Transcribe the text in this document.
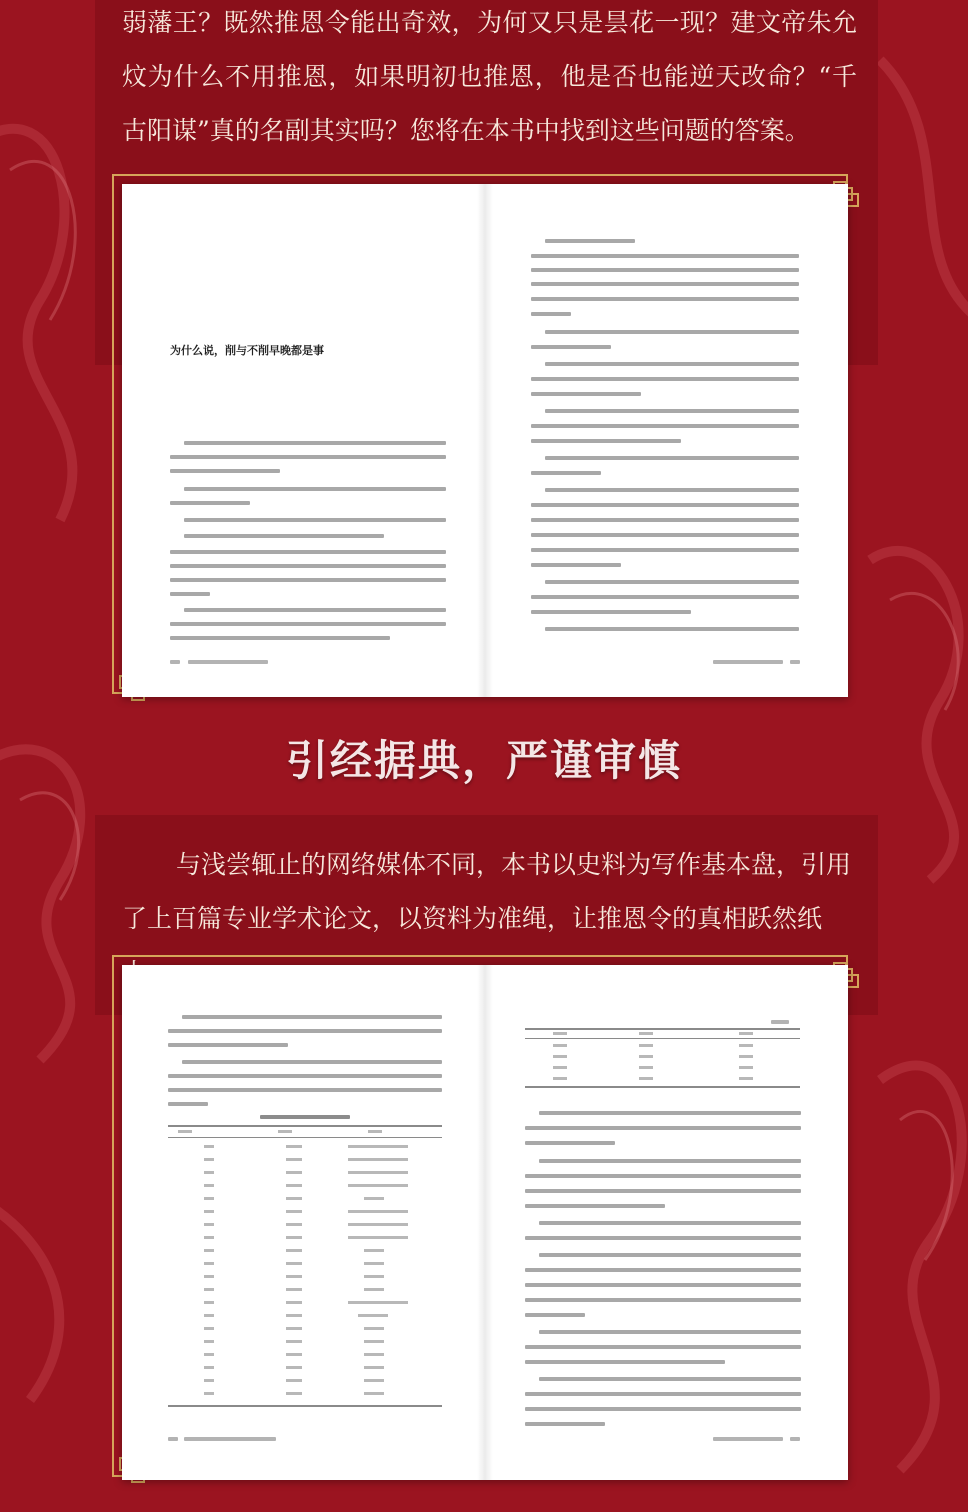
弱藩王？既然推恩令能出奇效，为何又只是昙花一现？建文帝朱允炆为什么不用推恩，如果明初也推恩，他是否也能逆天改命？“千古阳谋”真的名副其实吗？您将在本书中找到这些问题的答案。

为什么说，削与不削早晚都是事
引经据典，严谨审慎

与浅尝辄止的网络媒体不同，本书以史料为写作基本盘，引用了上百篇专业学术论文，以资料为准绳，让推恩令的真相跃然纸
